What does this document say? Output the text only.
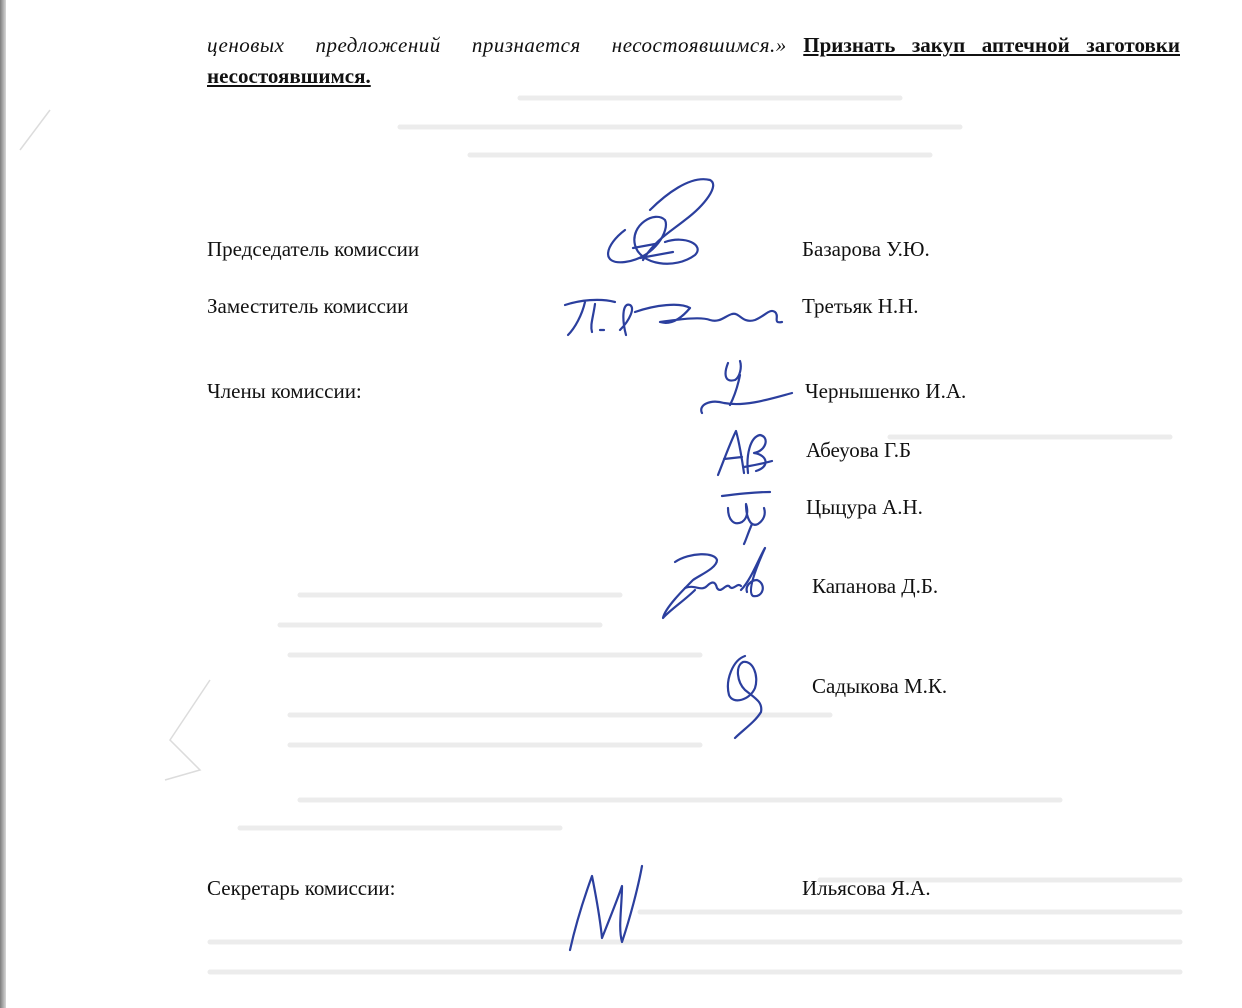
ценовых предложений признается несостоявшимся.» Признать закуп аптечной заготовки несостоявшимся.
Председатель комиссии	Базарова У.Ю.
Заместитель комиссии	Третьяк Н.Н.
Члены комиссии:	Чернышенко И.А.
Абеуова Г.Б
Цыцура А.Н.
Капанова Д.Б.
Садыкова М.К.
Секретарь комиссии:	Ильясова Я.А.
